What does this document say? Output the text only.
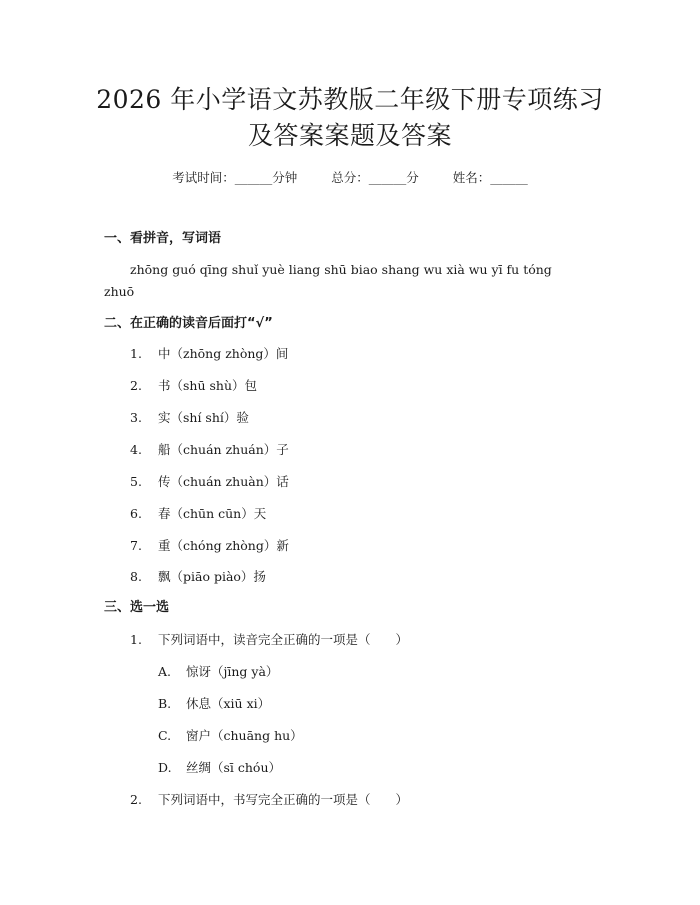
2026 年小学语文苏教版二年级下册专项练习
及答案案题及答案
考试时间：______分钟	总分：______分	姓名：______
一、看拼音，写词语
zhōng guó qīng shuǐ yuè liang shū biao shang wu xià wu yī fu tóng
zhuō
二、在正确的读音后面打“√”
1. 中（zhōng zhòng）间
2. 书（shū shù）包
3. 实（shí shí）验
4. 船（chuán zhuán）子
5. 传（chuán zhuàn）话
6. 春（chūn cūn）天
7. 重（chóng zhòng）新
8. 飘（piāo piào）扬
三、选一选
1. 下列词语中，读音完全正确的一项是（　　）
A. 惊讶（jīng yà）
B. 休息（xiū xi）
C. 窗户（chuāng hu）
D. 丝绸（sī chóu）
2. 下列词语中，书写完全正确的一项是（　　）
